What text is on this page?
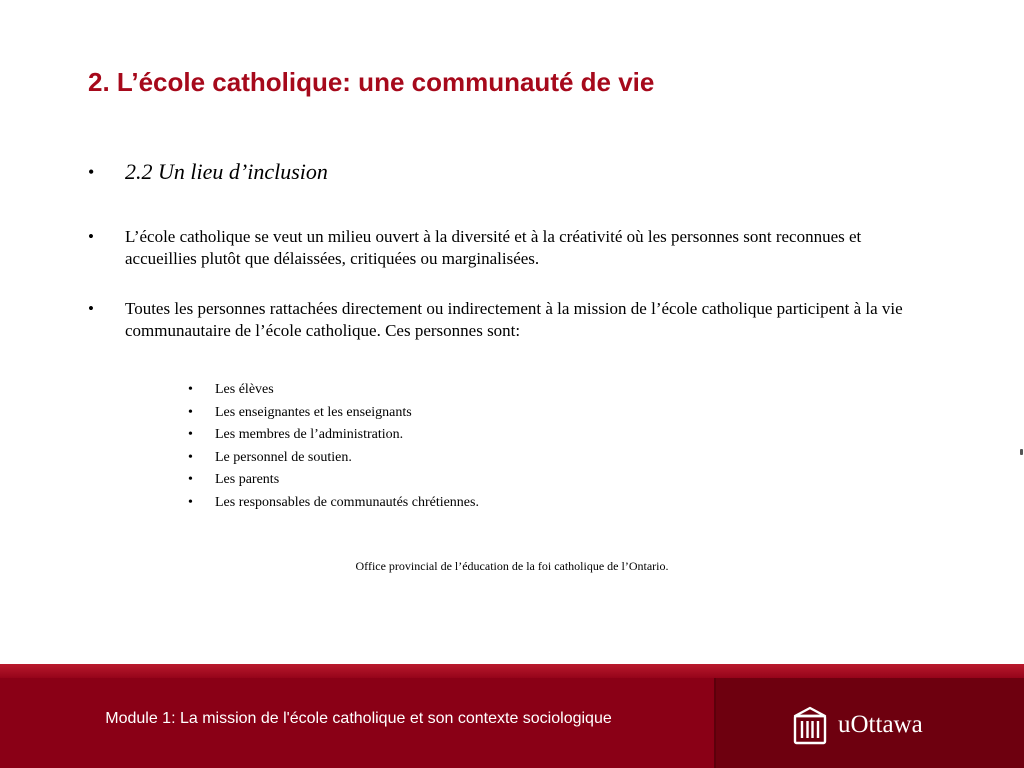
2. L’école catholique: une communauté de vie
• 2.2 Un lieu d’inclusion
• L’école catholique se veut un milieu ouvert à la diversité et à la créativité où les personnes sont reconnues et accueillies plutôt que délaissées, critiquées ou marginalisées.
• Toutes les personnes rattachées directement ou indirectement à la mission de l’école catholique participent à la vie communautaire de l’école catholique. Ces personnes sont:
• Les élèves
• Les enseignantes et les enseignants
• Les membres de l’administration.
• Le personnel de soutien.
• Les parents
• Les responsables de communautés chrétiennes.
Office provincial de l’éducation de la foi catholique de l’Ontario.
Module 1: La mission de l'école catholique et son contexte sociologique	uOttawa
